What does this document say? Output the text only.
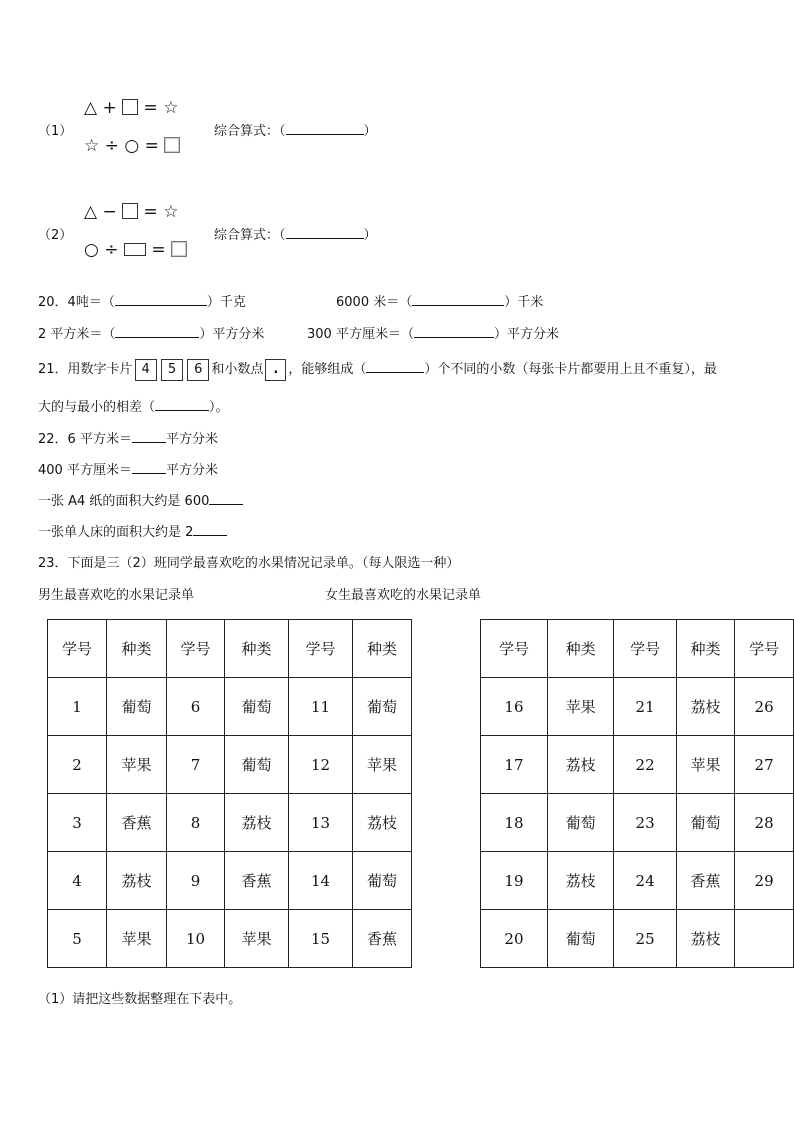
（1）
△ + = ☆
☆ ÷ ○ =
综合算式：（	）
（2）
△ − = ☆
○ ÷ =
综合算式：（	）
20．4吨＝（	）千克	6000 米＝（	）千米
2 平方米＝（	）平方分米	300 平方厘米＝（	）平方分米
21．用数字卡片 4 5 6 和小数点 . ，能够组成（	）个不同的小数（每张卡片都要用上且不重复），最
大的与最小的相差（	）。
22．6 平方米＝	平方分米
400 平方厘米＝	平方分米
一张 A4 纸的面积大约是 600
一张单人床的面积大约是 2
23．下面是三（2）班同学最喜欢吃的水果情况记录单。（每人限选一种）
男生最喜欢吃的水果记录单	女生最喜欢吃的水果记录单
学号	种类	学号	种类	学号	种类
1	葡萄	6	葡萄	11	葡萄
2	苹果	7	葡萄	12	苹果
3	香蕉	8	荔枝	13	荔枝
4	荔枝	9	香蕉	14	葡萄
5	苹果	10	苹果	15	香蕉
学号	种类	学号	种类	学号
16	苹果	21	荔枝	26
17	荔枝	22	苹果	27
18	葡萄	23	葡萄	28
19	荔枝	24	香蕉	29
20	葡萄	25	荔枝	
（1）请把这些数据整理在下表中。
